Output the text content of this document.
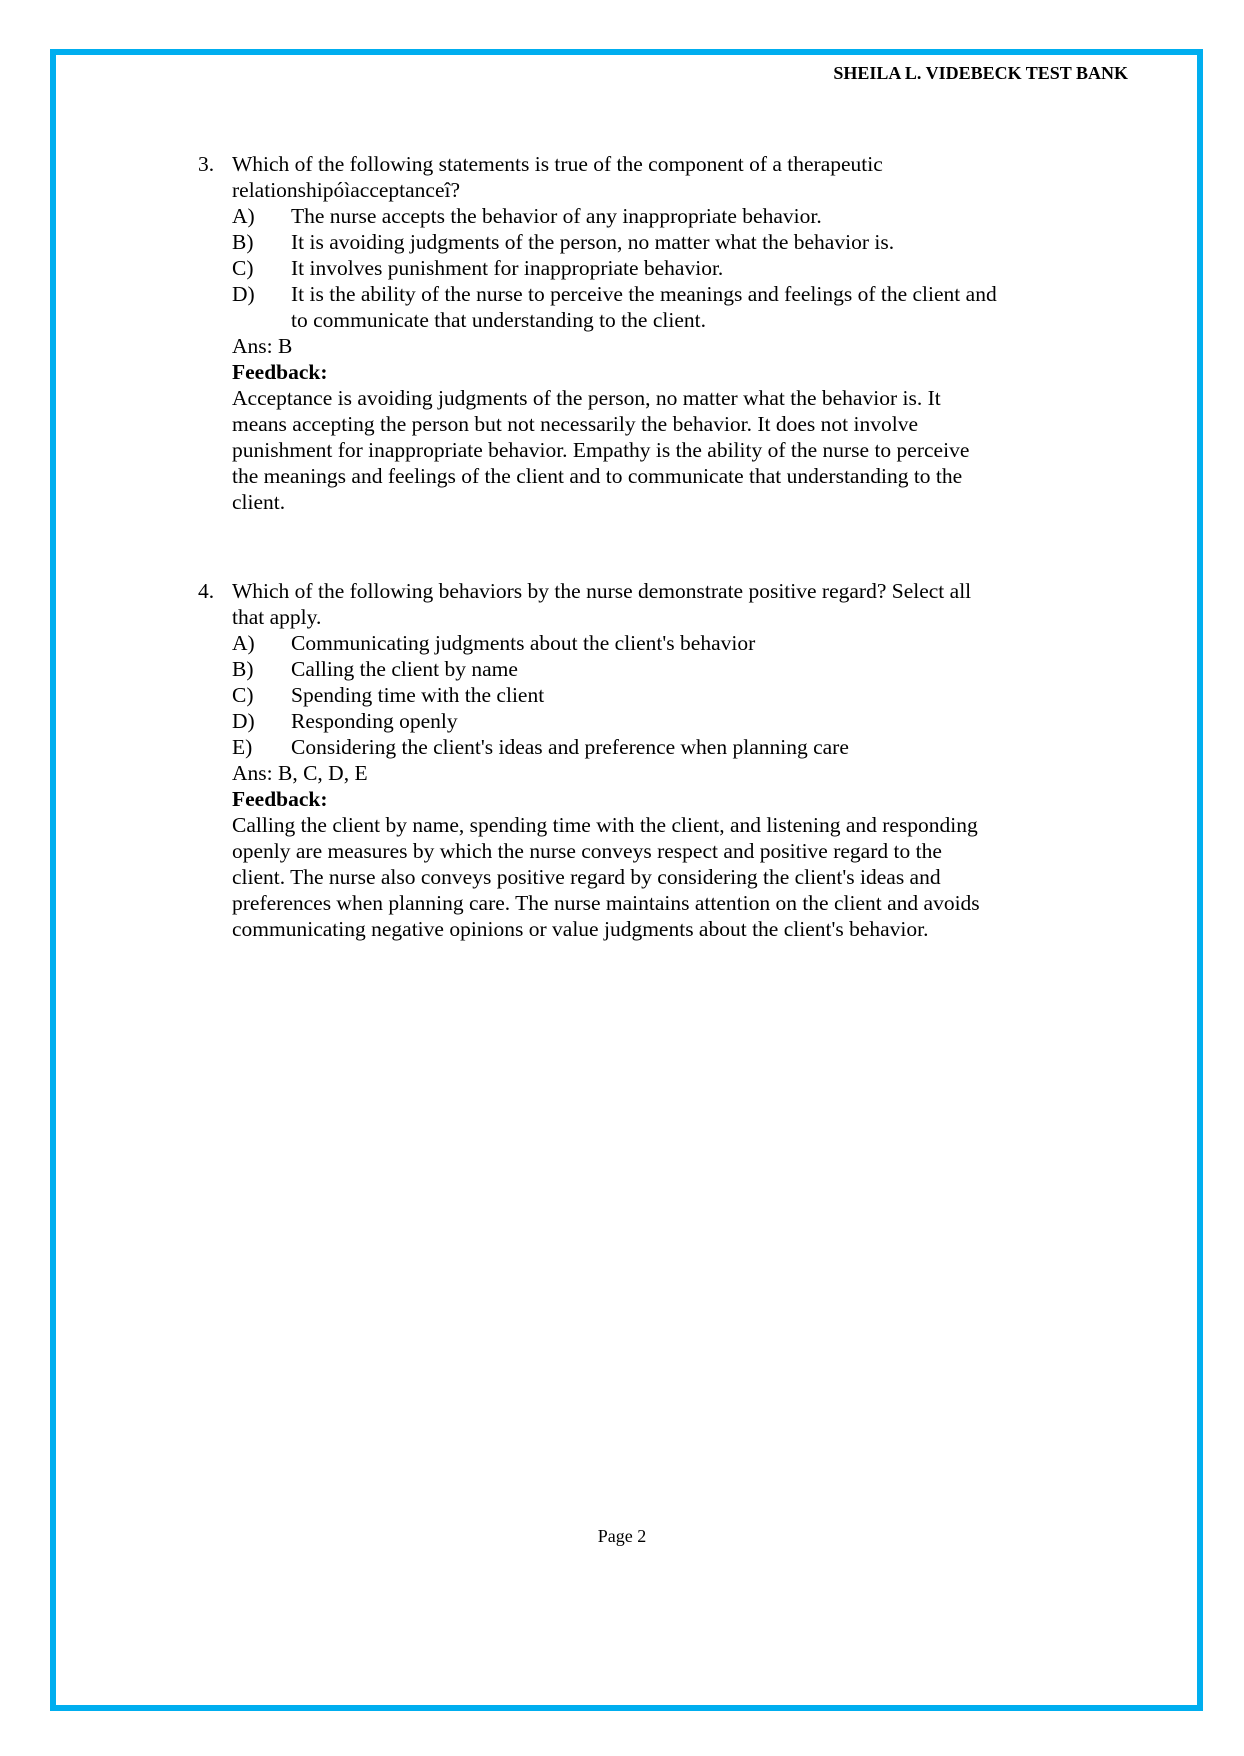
SHEILA L. VIDEBECK TEST BANK
3. Which of the following statements is true of the component of a therapeutic
relationshipóìacceptanceî?
A)	The nurse accepts the behavior of any inappropriate behavior.
B)	It is avoiding judgments of the person, no matter what the behavior is.
C)	It involves punishment for inappropriate behavior.
D)	It is the ability of the nurse to perceive the meanings and feelings of the client and
to communicate that understanding to the client.
Ans: B
Feedback:
Acceptance is avoiding judgments of the person, no matter what the behavior is. It
means accepting the person but not necessarily the behavior. It does not involve
punishment for inappropriate behavior. Empathy is the ability of the nurse to perceive
the meanings and feelings of the client and to communicate that understanding to the
client.
4. Which of the following behaviors by the nurse demonstrate positive regard? Select all
that apply.
A)	Communicating judgments about the client's behavior
B)	Calling the client by name
C)	Spending time with the client
D)	Responding openly
E)	Considering the client's ideas and preference when planning care
Ans: B, C, D, E
Feedback:
Calling the client by name, spending time with the client, and listening and responding
openly are measures by which the nurse conveys respect and positive regard to the
client. The nurse also conveys positive regard by considering the client's ideas and
preferences when planning care. The nurse maintains attention on the client and avoids
communicating negative opinions or value judgments about the client's behavior.
Page 2
